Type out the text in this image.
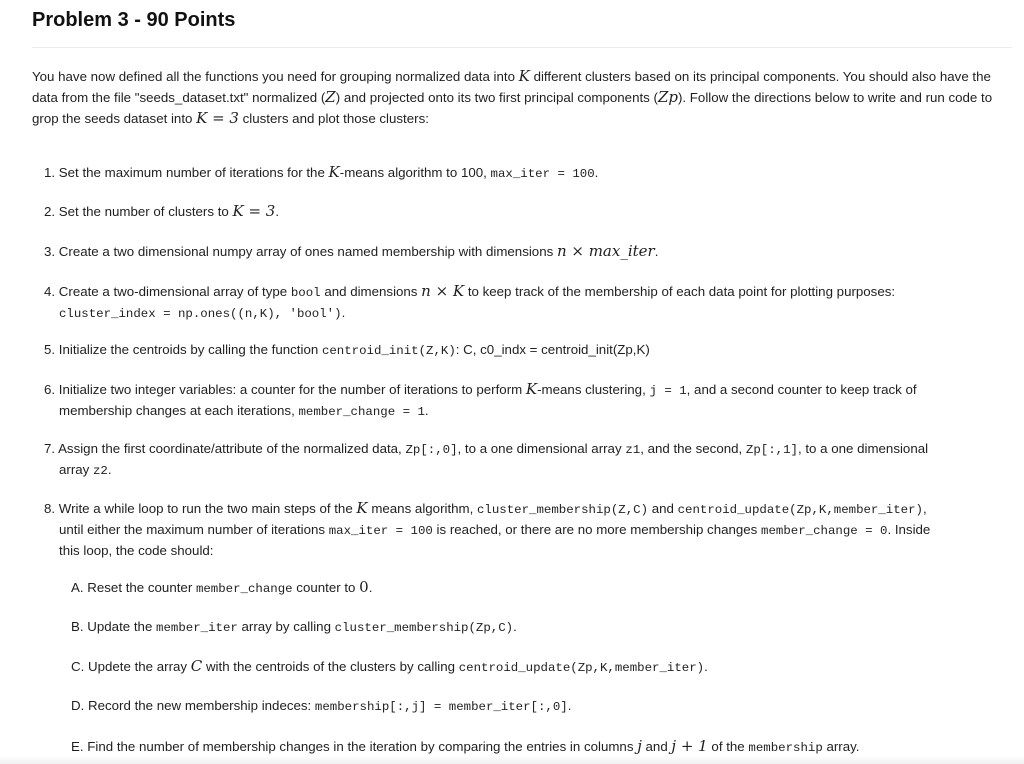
Problem 3 - 90 Points

You have now defined all the functions you need for grouping normalized data into K different clusters based on its principal components. You should also have the data from the file "seeds_dataset.txt" normalized (Z) and projected onto its two first principal components (Zp). Follow the directions below to write and run code to grop the seeds dataset into K = 3 clusters and plot those clusters:

1. Set the maximum number of iterations for the K-means algorithm to 100, max_iter = 100.
2. Set the number of clusters to K = 3.
3. Create a two dimensional numpy array of ones named membership with dimensions n × max_iter.
4. Create a two-dimensional array of type bool and dimensions n × K to keep track of the membership of each data point for plotting purposes:
cluster_index = np.ones((n,K), 'bool').
5. Initialize the centroids by calling the function centroid_init(Z,K): C, c0_indx = centroid_init(Zp,K)
6. Initialize two integer variables: a counter for the number of iterations to perform K-means clustering, j = 1, and a second counter to keep track of
membership changes at each iterations, member_change = 1.
7. Assign the first coordinate/attribute of the normalized data, Zp[:,0], to a one dimensional array z1, and the second, Zp[:,1], to a one dimensional
array z2.
8. Write a while loop to run the two main steps of the K means algorithm, cluster_membership(Z,C) and centroid_update(Zp,K,member_iter),
until either the maximum number of iterations max_iter = 100 is reached, or there are no more membership changes member_change = 0. Inside
this loop, the code should:
A. Reset the counter member_change counter to 0.
B. Update the member_iter array by calling cluster_membership(Zp,C).
C. Updete the array C with the centroids of the clusters by calling centroid_update(Zp,K,member_iter).
D. Record the new membership indeces: membership[:,j] = member_iter[:,0].
E. Find the number of membership changes in the iteration by comparing the entries in columns j and j + 1 of the membership array.
